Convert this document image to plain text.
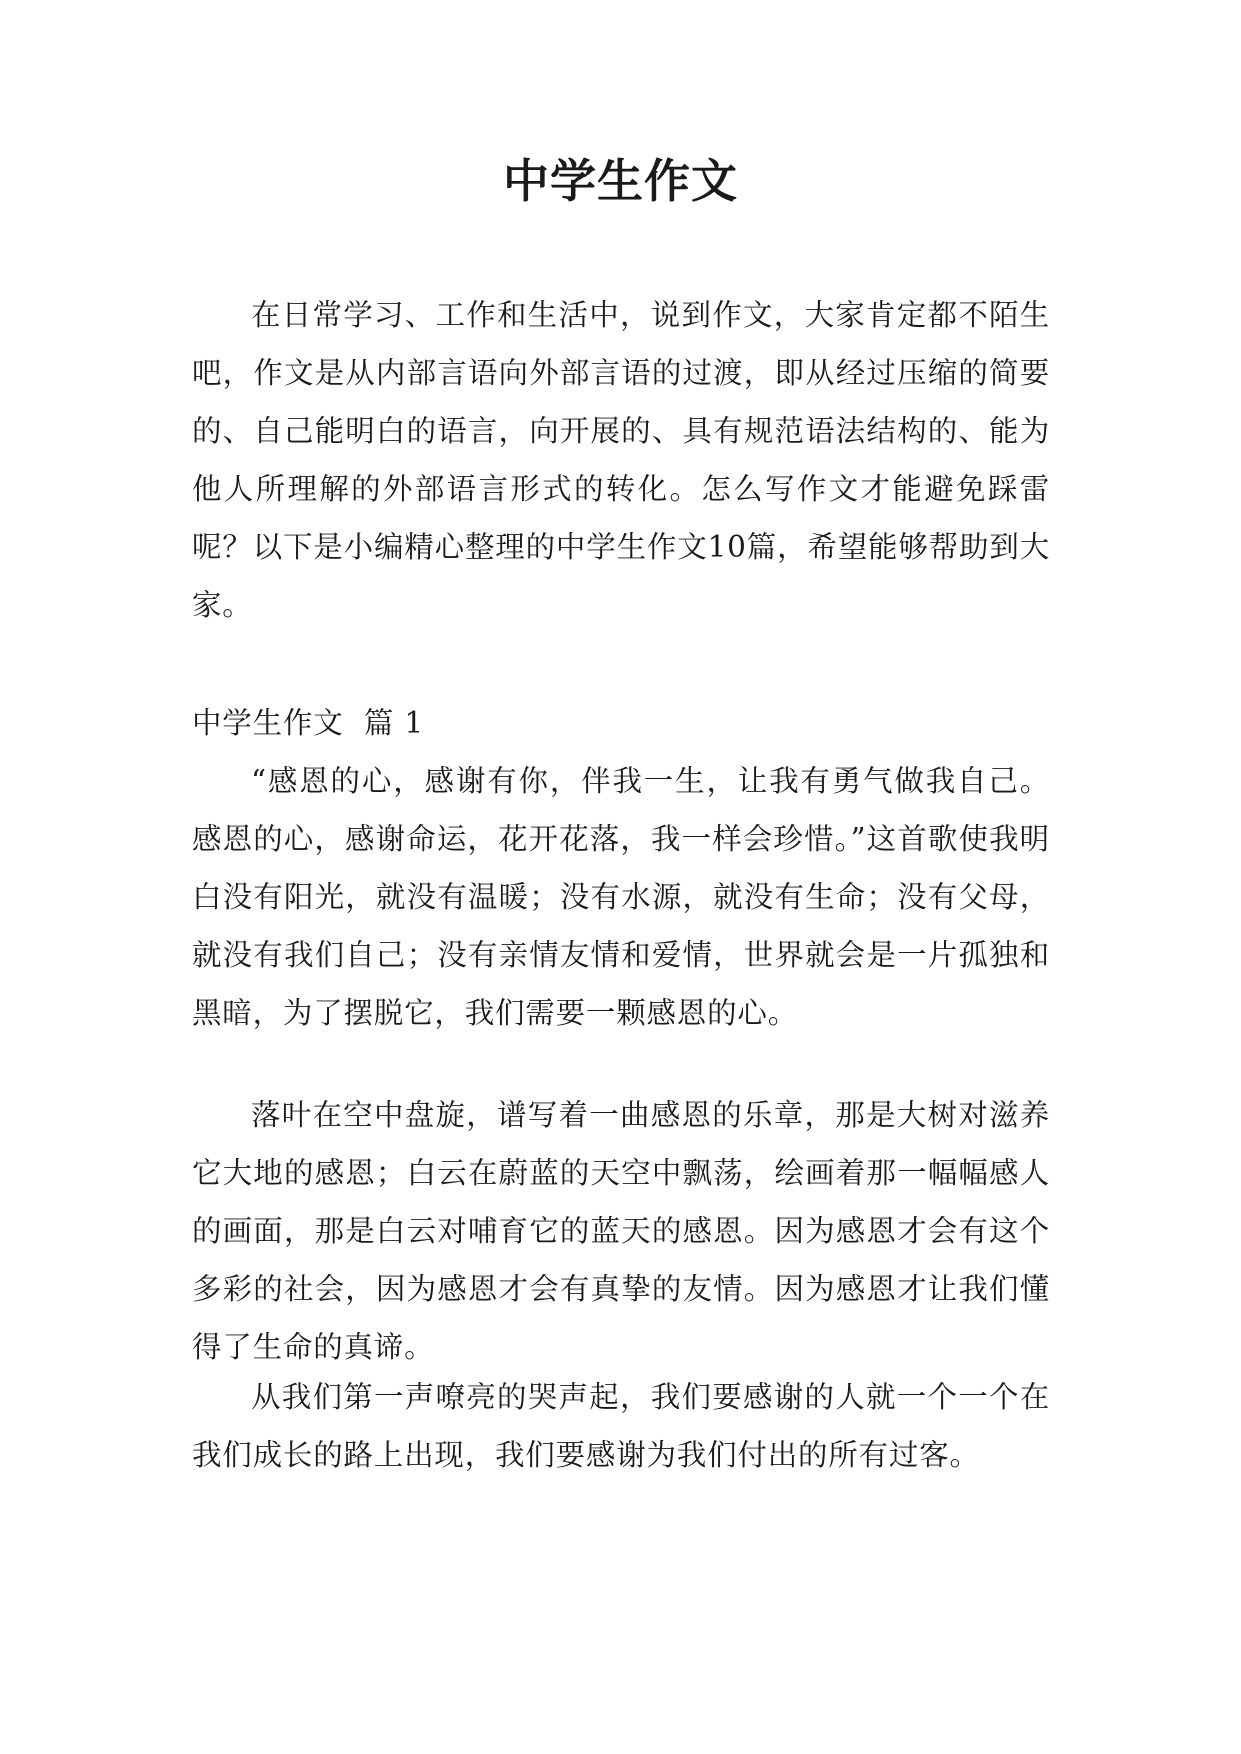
中学生作文

在日常学习、工作和生活中，说到作文，大家肯定都不陌生吧，作文是从内部言语向外部言语的过渡，即从经过压缩的简要的、自己能明白的语言，向开展的、具有规范语法结构的、能为他人所理解的外部语言形式的转化。怎么写作文才能避免踩雷呢？以下是小编精心整理的中学生作文10篇，希望能够帮助到大家。

中学生作文  篇 1

“感恩的心，感谢有你，伴我一生，让我有勇气做我自己。感恩的心，感谢命运，花开花落，我一样会珍惜。”这首歌使我明白没有阳光，就没有温暖；没有水源，就没有生命；没有父母，就没有我们自己；没有亲情友情和爱情，世界就会是一片孤独和黑暗，为了摆脱它，我们需要一颗感恩的心。

落叶在空中盘旋，谱写着一曲感恩的乐章，那是大树对滋养它大地的感恩；白云在蔚蓝的天空中飘荡，绘画着那一幅幅感人的画面，那是白云对哺育它的蓝天的感恩。因为感恩才会有这个多彩的社会，因为感恩才会有真挚的友情。因为感恩才让我们懂得了生命的真谛。

从我们第一声嘹亮的哭声起，我们要感谢的人就一个一个在我们成长的路上出现，我们要感谢为我们付出的所有过客。
